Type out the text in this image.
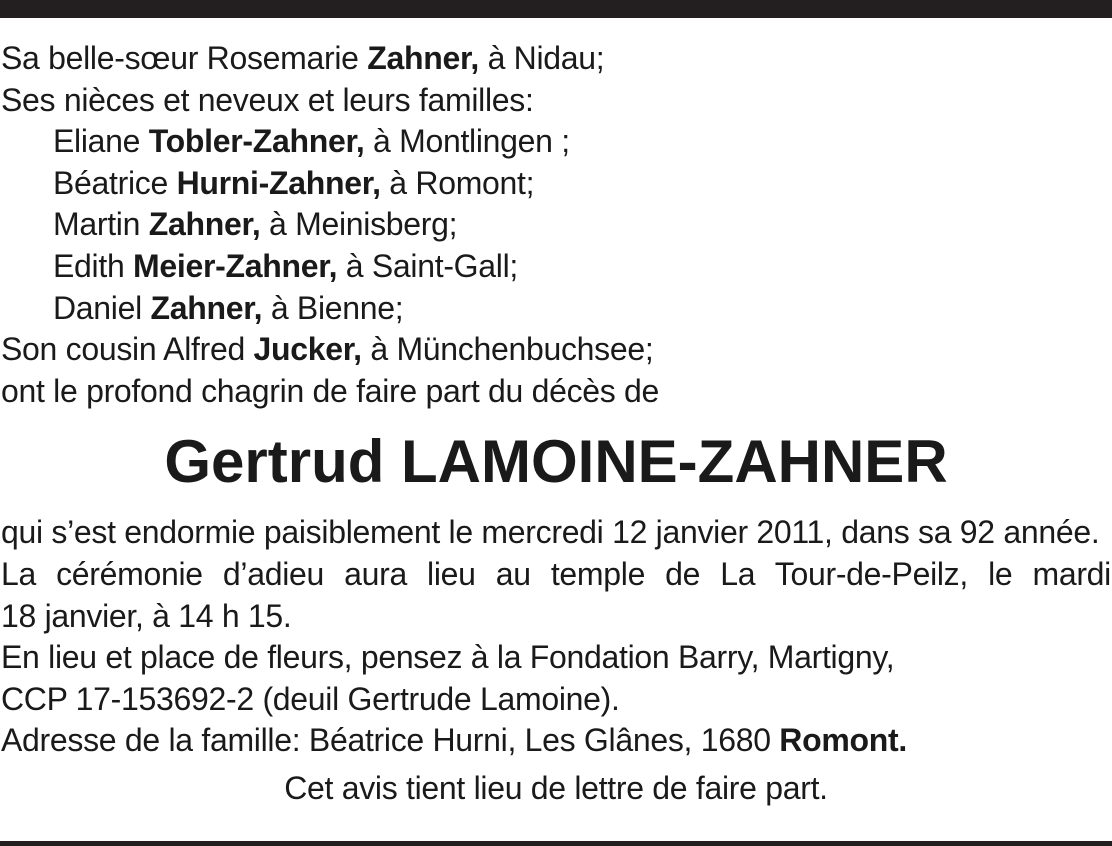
Sa belle-sœur Rosemarie Zahner, à Nidau;
Ses nièces et neveux et leurs familles:
Eliane Tobler-Zahner, à Montlingen ;
Béatrice Hurni-Zahner, à Romont;
Martin Zahner, à Meinisberg;
Edith Meier-Zahner, à Saint-Gall;
Daniel Zahner, à Bienne;
Son cousin Alfred Jucker, à Münchenbuchsee;
ont le profond chagrin de faire part du décès de
Gertrud LAMOINE-ZAHNER
qui s’est endormie paisiblement le mercredi 12 janvier 2011, dans sa 92 année.
La cérémonie d’adieu aura lieu au temple de La Tour-de-Peilz, le mardi
18 janvier, à 14 h 15.
En lieu et place de fleurs, pensez à la Fondation Barry, Martigny,
CCP 17-153692-2 (deuil Gertrude Lamoine).
Adresse de la famille: Béatrice Hurni, Les Glânes, 1680 Romont.
Cet avis tient lieu de lettre de faire part.
